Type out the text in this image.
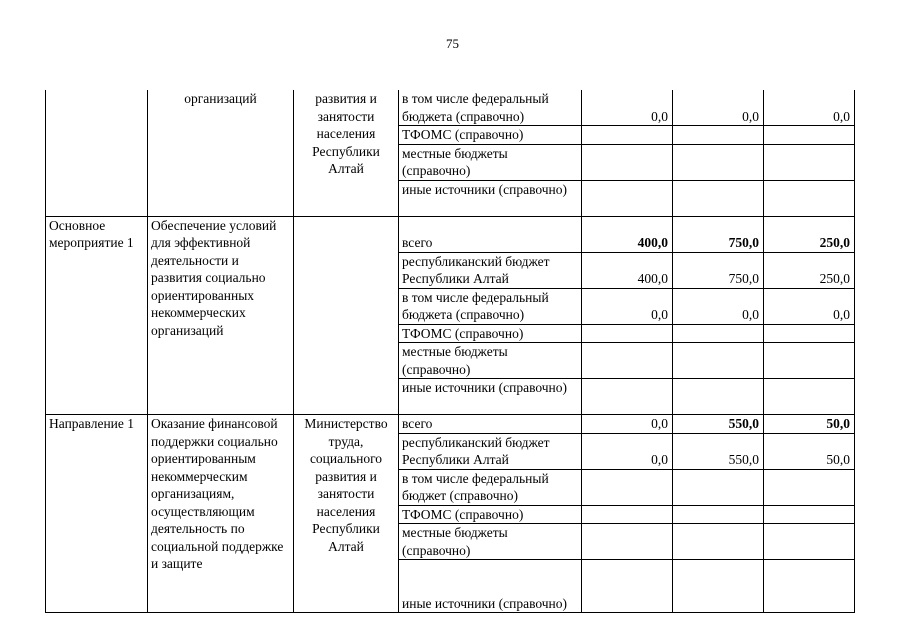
75
	организаций	развития и занятости населения Республики Алтай	в том числе федеральный бюджета (справочно)	0,0	0,0	0,0
			ТФОМС (справочно)			
			местные бюджеты (справочно)			
			иные источники (справочно)			
Основное мероприятие 1	Обеспечение условий для эффективной деятельности и развития социально ориентированных некоммерческих организаций		всего	400,0	750,0	250,0
			республиканский бюджет Республики Алтай	400,0	750,0	250,0
			в том числе федеральный бюджета (справочно)	0,0	0,0	0,0
			ТФОМС (справочно)			
			местные бюджеты (справочно)			
			иные источники (справочно)			
Направление 1	Оказание финансовой поддержки социально ориентированным некоммерческим организациям, осуществляющим деятельность по социальной поддержке и защите	Министерство труда, социального развития и занятости населения Республики Алтай	всего	0,0	550,0	50,0
			республиканский бюджет Республики Алтай	0,0	550,0	50,0
			в том числе федеральный бюджет (справочно)			
			ТФОМС (справочно)			
			местные бюджеты (справочно)			
			иные источники (справочно)			
